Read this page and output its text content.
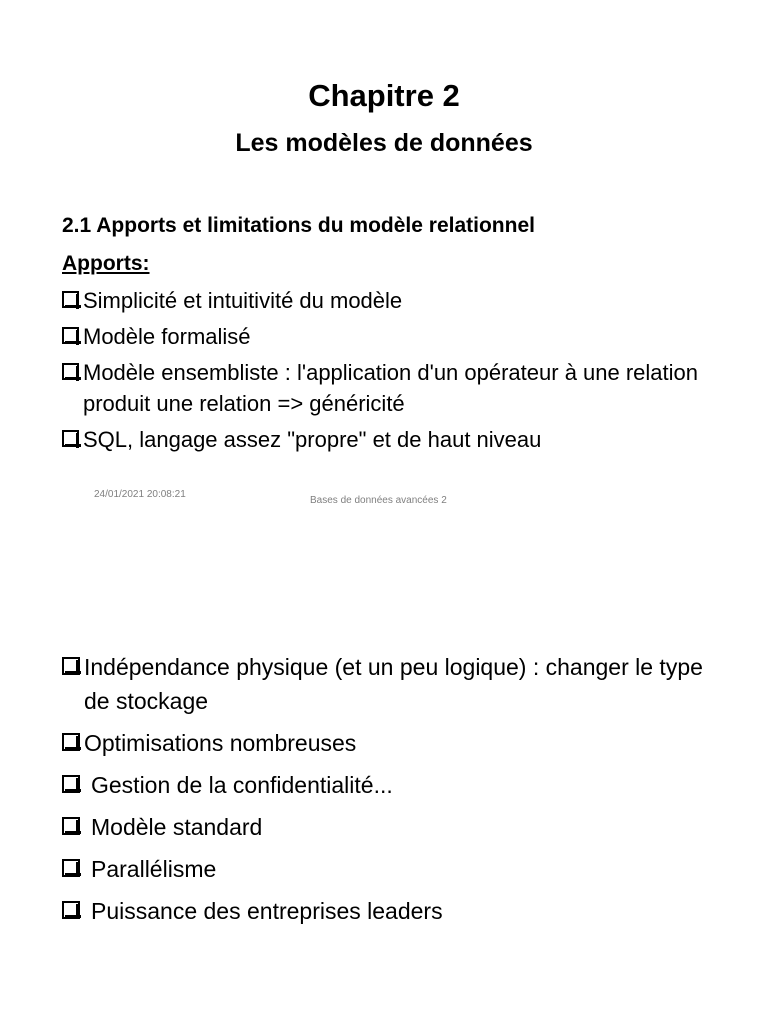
Chapitre 2
Les modèles de données
2.1 Apports et limitations du modèle relationnel
Apports:
Simplicité et intuitivité du modèle
Modèle formalisé
Modèle ensembliste : l'application d'un opérateur à une relation produit une relation => généricité
SQL, langage assez "propre" et de haut niveau
24/01/2021 20:08:21
Bases de données avancées 2
Indépendance physique (et un peu logique) : changer le type de stockage
Optimisations nombreuses
Gestion de la confidentialité...
Modèle standard
Parallélisme
Puissance des entreprises leaders
